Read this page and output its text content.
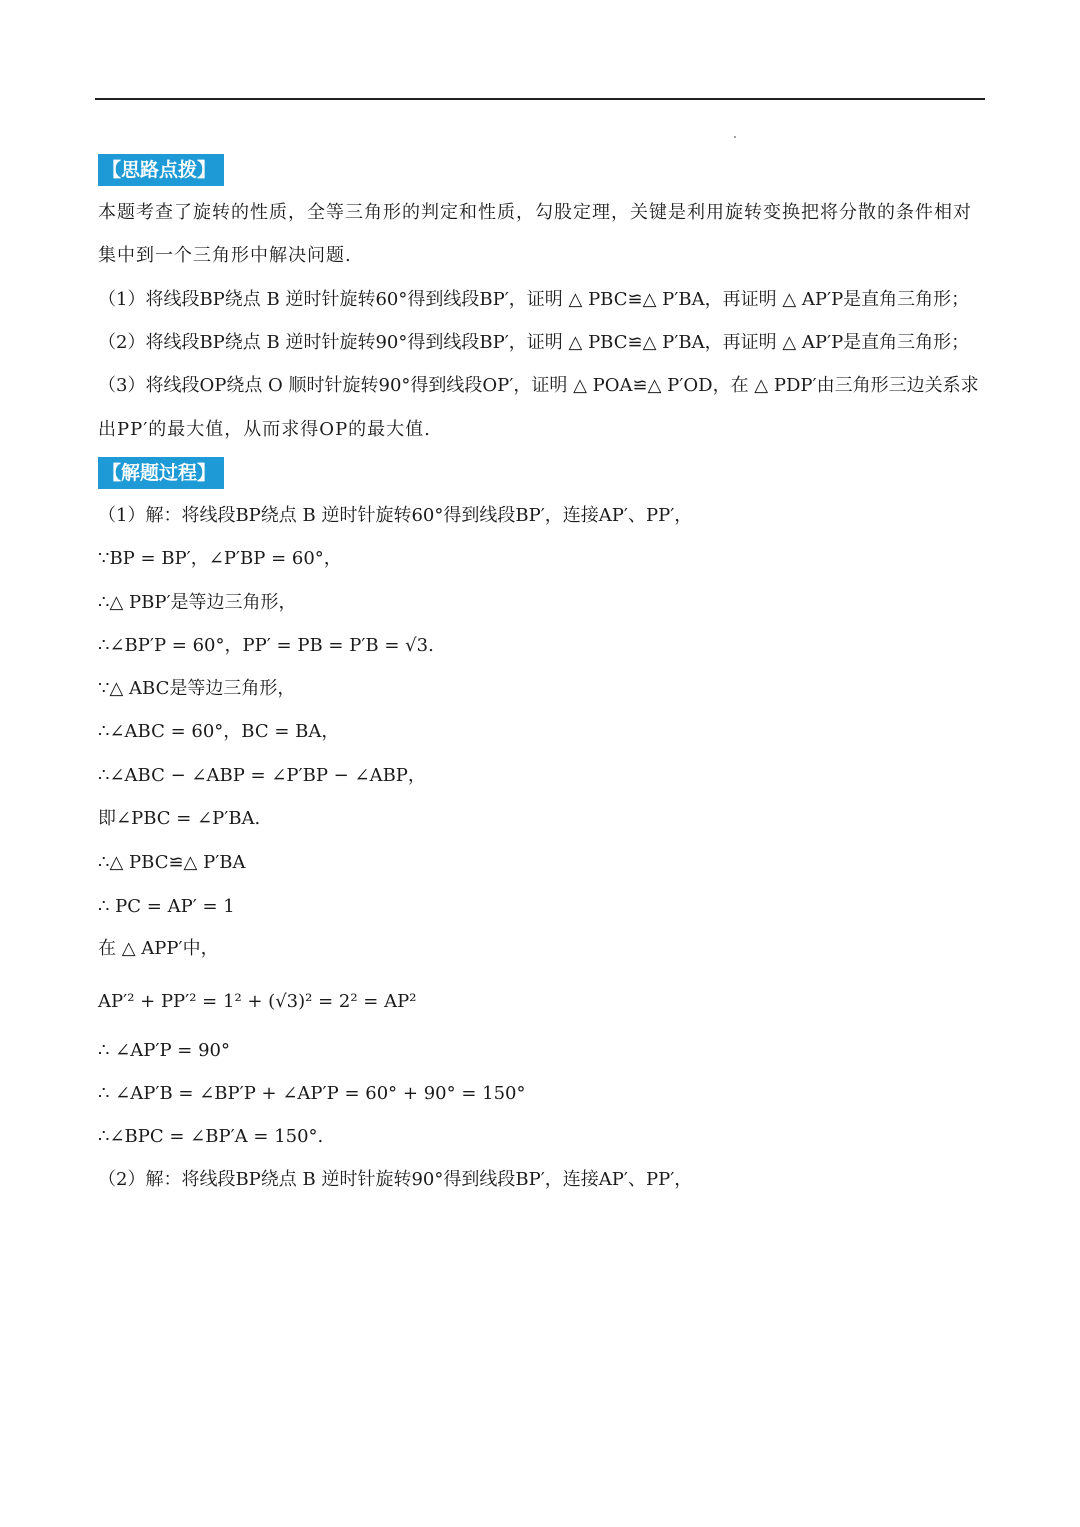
【思路点拨】
本题考查了旋转的性质，全等三角形的判定和性质，勾股定理，关键是利用旋转变换把将分散的条件相对
集中到一个三角形中解决问题.
（1）将线段BP绕点 B 逆时针旋转60°得到线段BP′，证明 △ PBC≌△ P′BA，再证明 △ AP′P是直角三角形；
（2）将线段BP绕点 B 逆时针旋转90°得到线段BP′，证明 △ PBC≌△ P′BA，再证明 △ AP′P是直角三角形；
（3）将线段OP绕点 O 顺时针旋转90°得到线段OP′，证明 △ POA≌△ P′OD，在 △ PDP′由三角形三边关系求
出PP′的最大值，从而求得OP的最大值.
【解题过程】
（1）解：将线段BP绕点 B 逆时针旋转60°得到线段BP′，连接AP′、PP′，
∵BP = BP′，∠P′BP = 60°，
∴△ PBP′是等边三角形，
∴∠BP′P = 60°，PP′ = PB = P′B = √3.
∵△ ABC是等边三角形，
∴∠ABC = 60°，BC = BA，
∴∠ABC − ∠ABP = ∠P′BP − ∠ABP，
即∠PBC = ∠P′BA.
∴△ PBC≌△ P′BA
∴ PC = AP′ = 1
在 △ APP′中，
AP′² + PP′² = 1² + (√3)² = 2² = AP²
∴ ∠AP′P = 90°
∴ ∠AP′B = ∠BP′P + ∠AP′P = 60° + 90° = 150°
∴∠BPC = ∠BP′A = 150°.
（2）解：将线段BP绕点 B 逆时针旋转90°得到线段BP′，连接AP′、PP′，
